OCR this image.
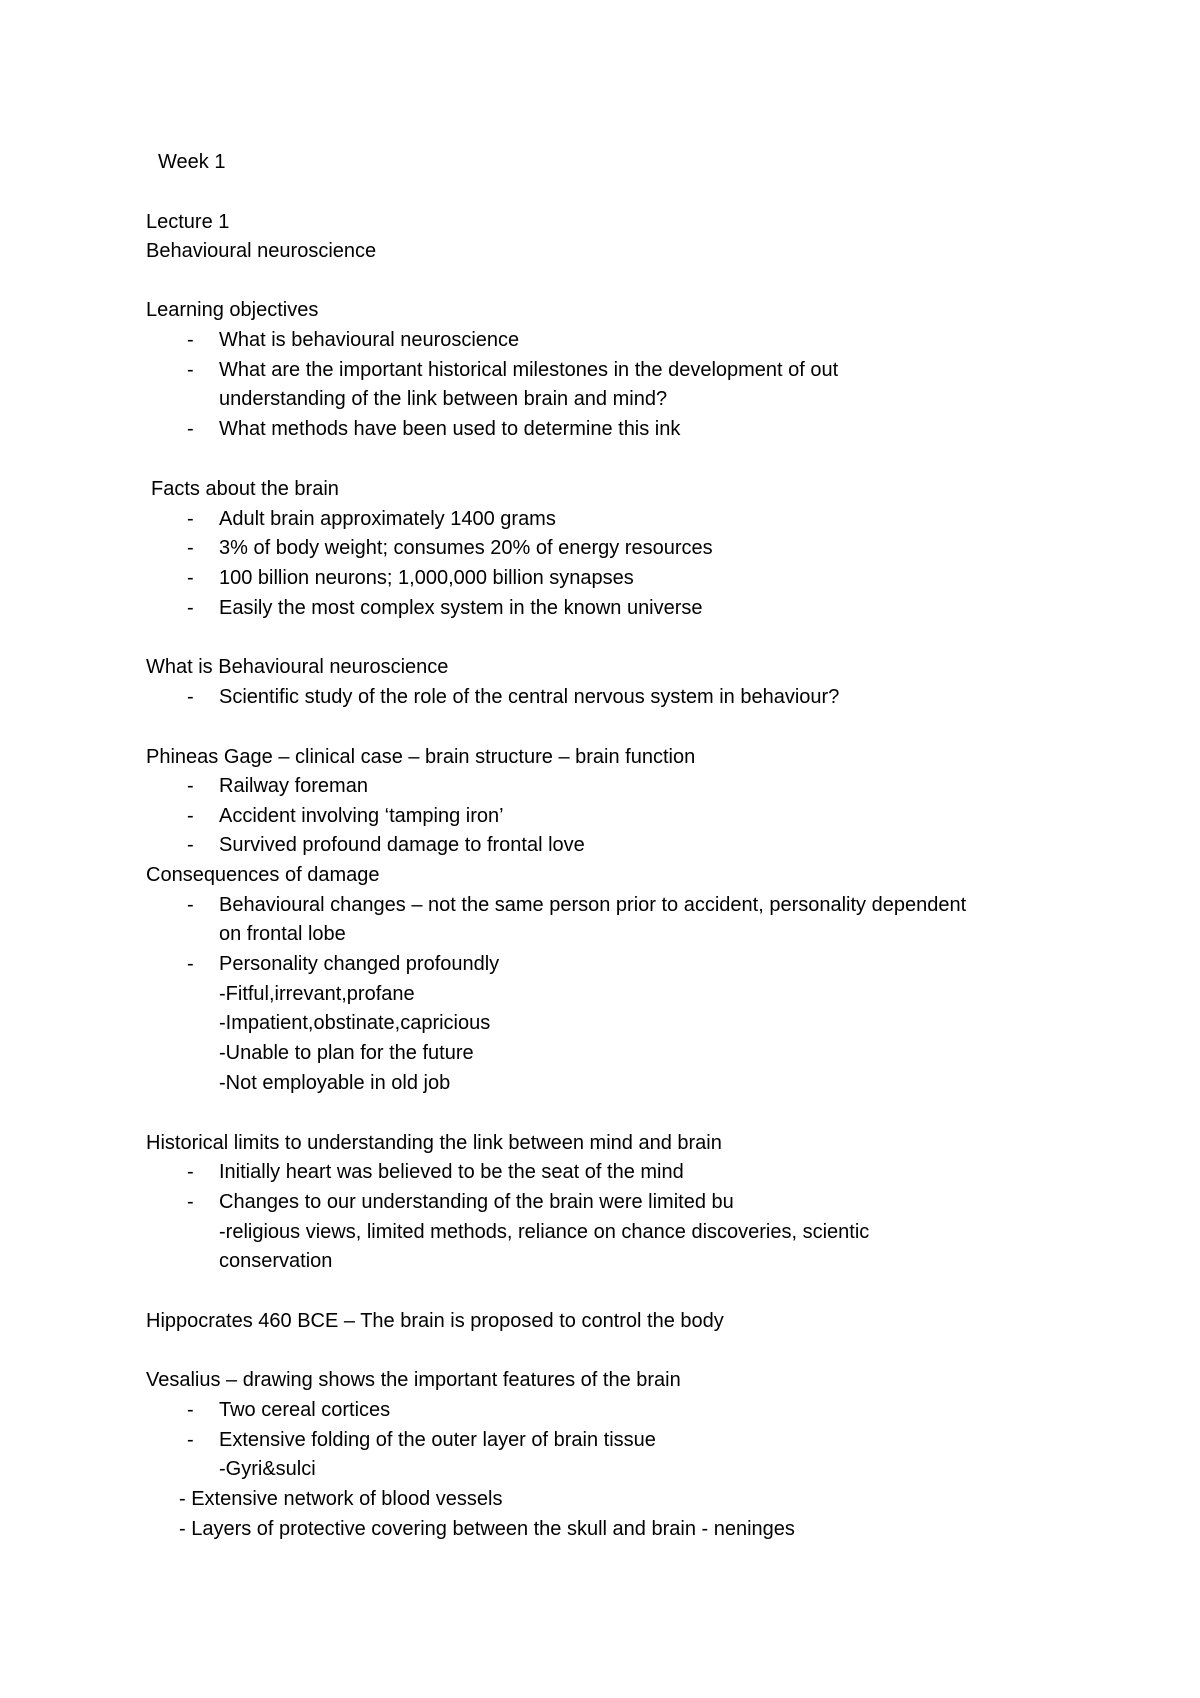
Week 1

Lecture 1

Behavioural neuroscience

Learning objectives

- What is behavioural neuroscience

- What are the important historical milestones in the development of out

understanding of the link between brain and mind?

- What methods have been used to determine this ink

Facts about the brain

- Adult brain approximately 1400 grams

- 3% of body weight; consumes 20% of energy resources

- 100 billion neurons; 1,000,000 billion synapses

- Easily the most complex system in the known universe

What is Behavioural neuroscience

- Scientific study of the role of the central nervous system in behaviour?

Phineas Gage – clinical case – brain structure – brain function

- Railway foreman

- Accident involving ‘tamping iron’

- Survived profound damage to frontal love

Consequences of damage

- Behavioural changes – not the same person prior to accident, personality dependent

on frontal lobe

- Personality changed profoundly

-Fitful,irrevant,profane

-Impatient,obstinate,capricious

-Unable to plan for the future

-Not employable in old job

Historical limits to understanding the link between mind and brain

- Initially heart was believed to be the seat of the mind

- Changes to our understanding of the brain were limited bu

-religious views, limited methods, reliance on chance discoveries, scientic

conservation

Hippocrates 460 BCE – The brain is proposed to control the body

Vesalius – drawing shows the important features of the brain

- Two cereal cortices

- Extensive folding of the outer layer of brain tissue

-Gyri&sulci

- Extensive network of blood vessels

- Layers of protective covering between the skull and brain - neninges
